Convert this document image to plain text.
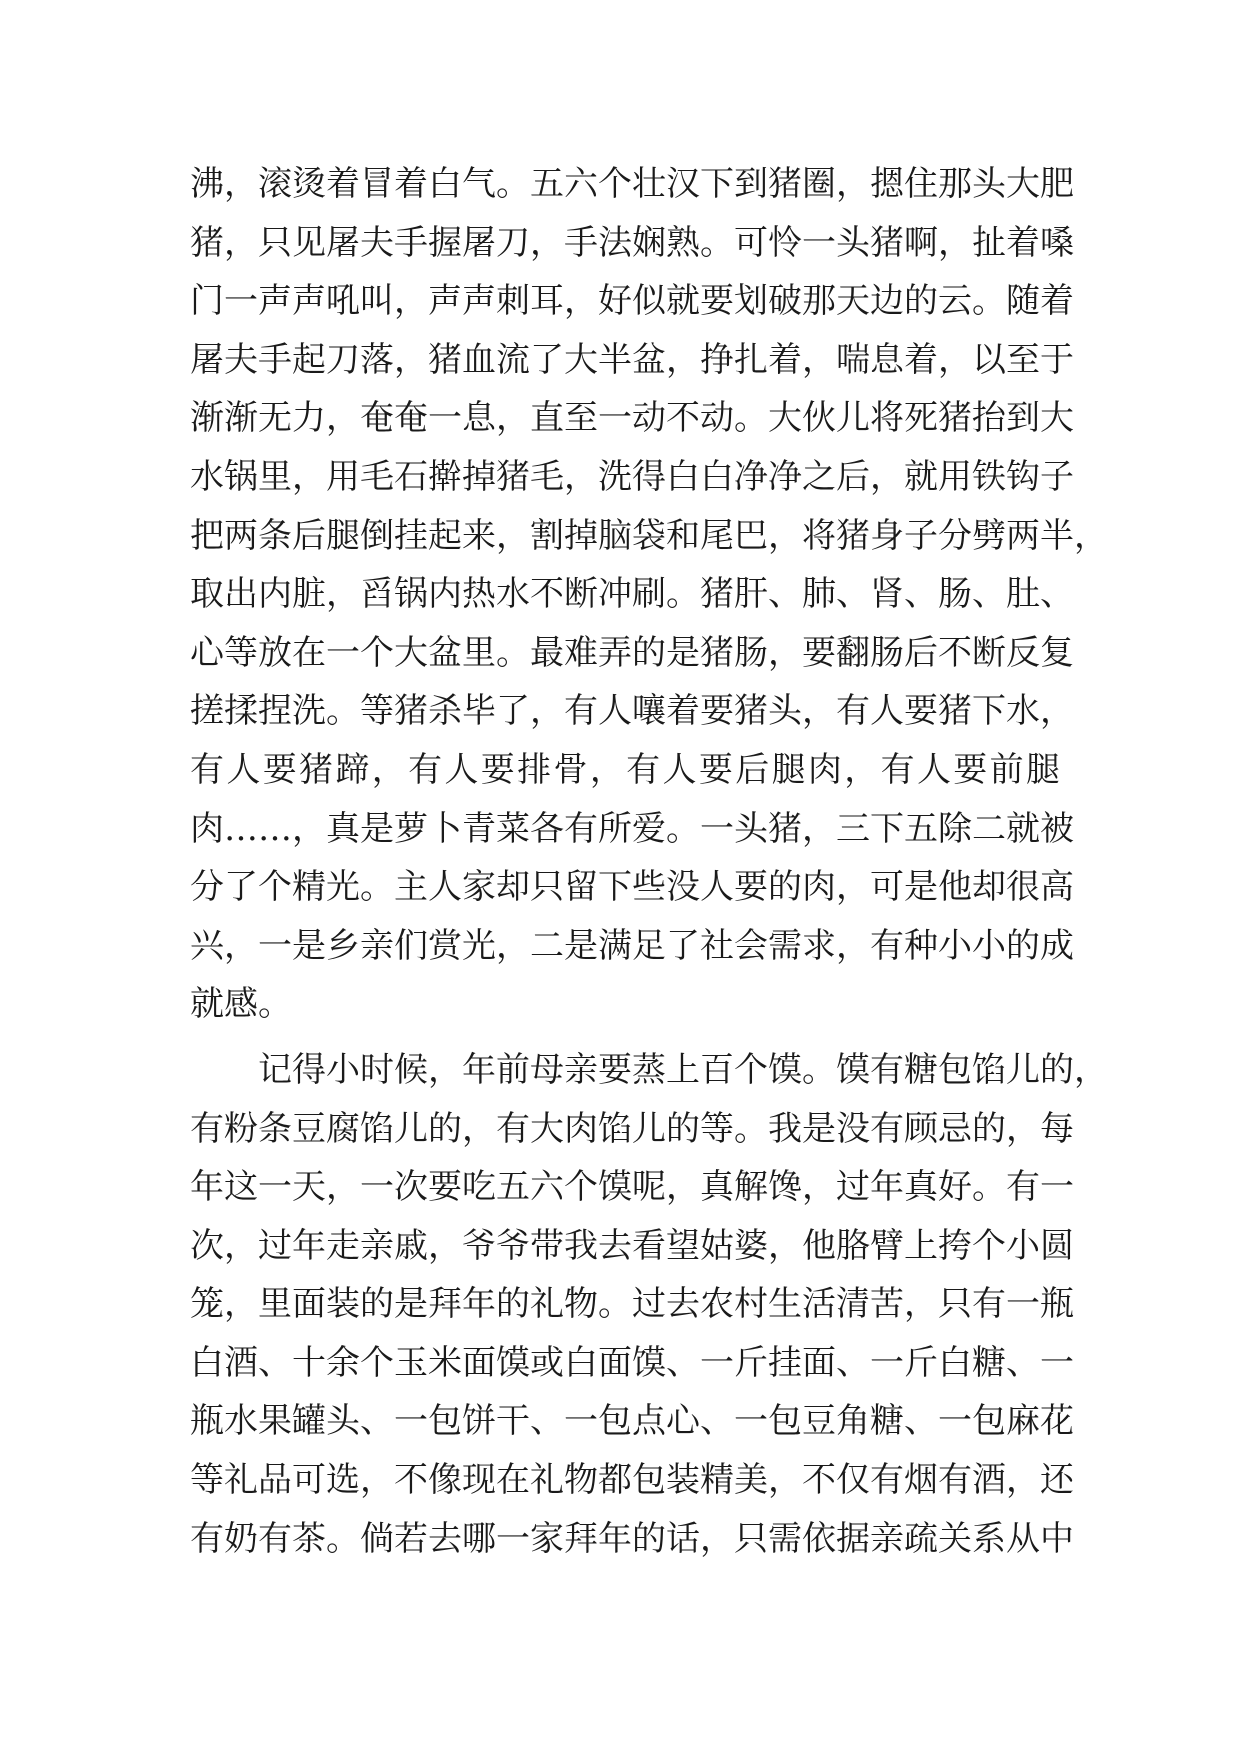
沸，滚烫着冒着白气。五六个壮汉下到猪圈，摁住那头大肥
猪，只见屠夫手握屠刀，手法娴熟。可怜一头猪啊，扯着嗓
门一声声吼叫，声声刺耳，好似就要划破那天边的云。随着
屠夫手起刀落，猪血流了大半盆，挣扎着，喘息着，以至于
渐渐无力，奄奄一息，直至一动不动。大伙儿将死猪抬到大
水锅里，用毛石擀掉猪毛，洗得白白净净之后，就用铁钩子
把两条后腿倒挂起来，割掉脑袋和尾巴，将猪身子分劈两半，
取出内脏，舀锅内热水不断冲刷。猪肝、肺、肾、肠、肚、
心等放在一个大盆里。最难弄的是猪肠，要翻肠后不断反复
搓揉捏洗。等猪杀毕了，有人嚷着要猪头，有人要猪下水，
有人要猪蹄，有人要排骨，有人要后腿肉，有人要前腿
肉……，真是萝卜青菜各有所爱。一头猪，三下五除二就被
分了个精光。主人家却只留下些没人要的肉，可是他却很高
兴，一是乡亲们赏光，二是满足了社会需求，有种小小的成
就感。
　　记得小时候，年前母亲要蒸上百个馍。馍有糖包馅儿的，
有粉条豆腐馅儿的，有大肉馅儿的等。我是没有顾忌的，每
年这一天，一次要吃五六个馍呢，真解馋，过年真好。有一
次，过年走亲戚，爷爷带我去看望姑婆，他胳臂上挎个小圆
笼，里面装的是拜年的礼物。过去农村生活清苦，只有一瓶
白酒、十余个玉米面馍或白面馍、一斤挂面、一斤白糖、一
瓶水果罐头、一包饼干、一包点心、一包豆角糖、一包麻花
等礼品可选，不像现在礼物都包装精美，不仅有烟有酒，还
有奶有茶。倘若去哪一家拜年的话，只需依据亲疏关系从中
